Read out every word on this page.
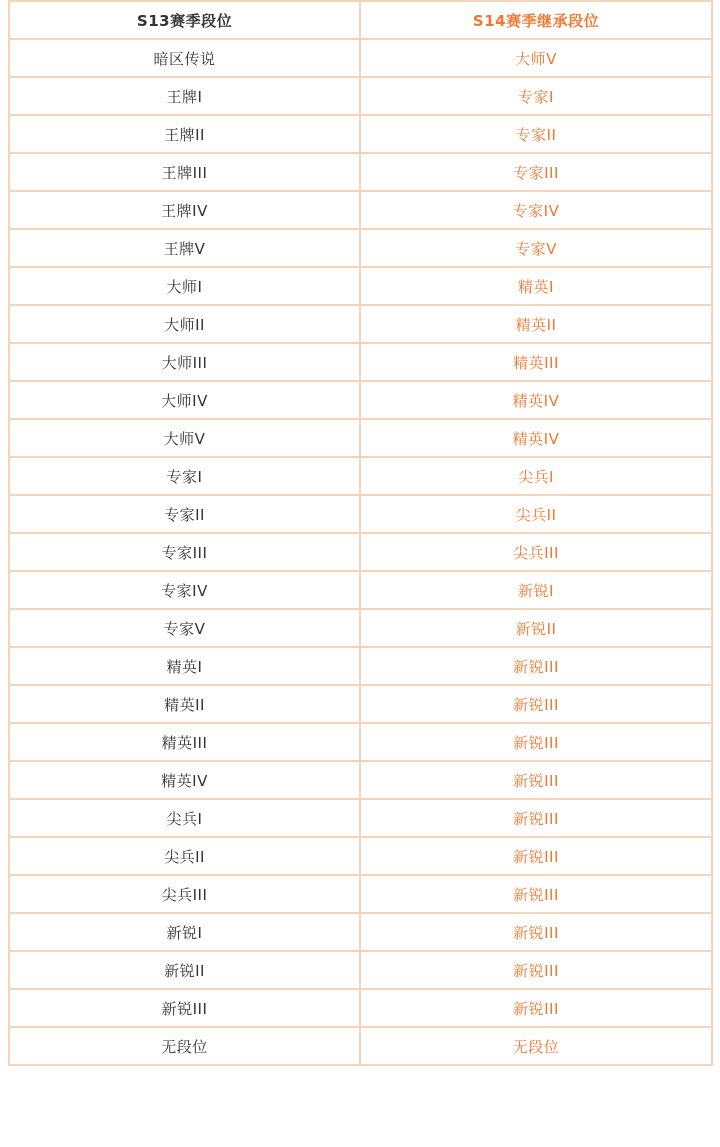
S13赛季段位	S14赛季继承段位
暗区传说	大师V
王牌I	专家I
王牌II	专家II
王牌III	专家III
王牌IV	专家IV
王牌V	专家V
大师I	精英I
大师II	精英II
大师III	精英III
大师IV	精英IV
大师V	精英IV
专家I	尖兵I
专家II	尖兵II
专家III	尖兵III
专家IV	新锐I
专家V	新锐II
精英I	新锐III
精英II	新锐III
精英III	新锐III
精英IV	新锐III
尖兵I	新锐III
尖兵II	新锐III
尖兵III	新锐III
新锐I	新锐III
新锐II	新锐III
新锐III	新锐III
无段位	无段位
